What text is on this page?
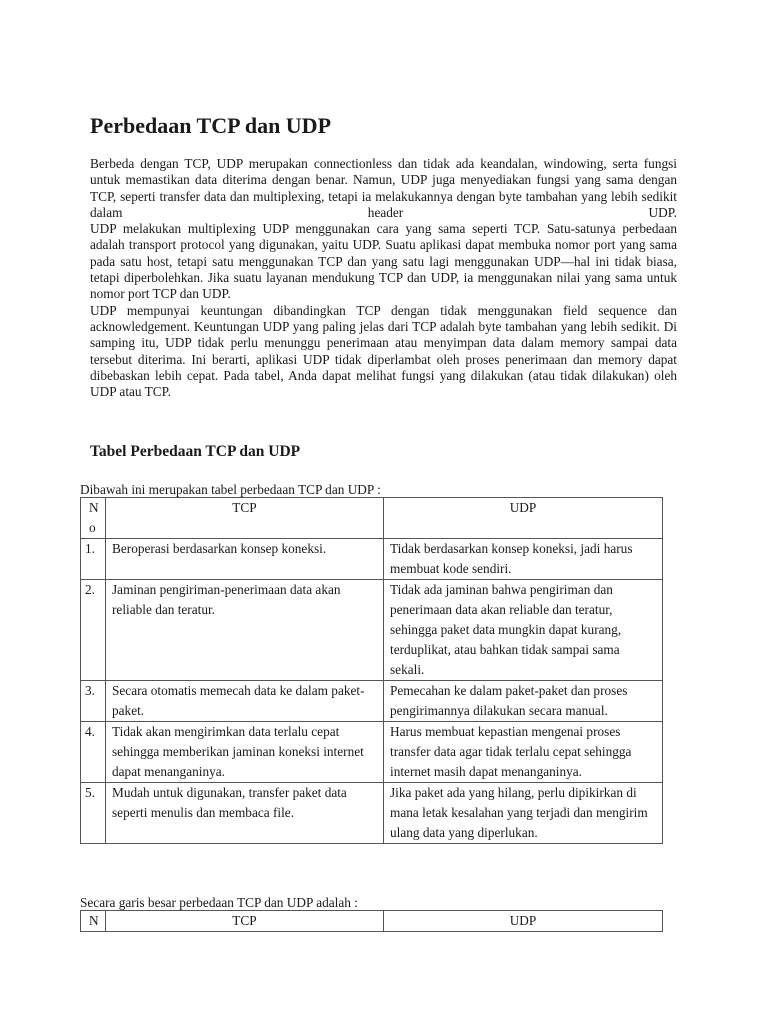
Perbedaan TCP dan UDP

Berbeda dengan TCP, UDP merupakan connectionless dan tidak ada keandalan, windowing, serta fungsi untuk memastikan data diterima dengan benar. Namun, UDP juga menyediakan fungsi yang sama dengan TCP, seperti transfer data dan multiplexing, tetapi ia melakukannya dengan byte tambahan yang lebih sedikit dalam header UDP.

UDP melakukan multiplexing UDP menggunakan cara yang sama seperti TCP. Satu-satunya perbedaan adalah transport protocol yang digunakan, yaitu UDP. Suatu aplikasi dapat membuka nomor port yang sama pada satu host, tetapi satu menggunakan TCP dan yang satu lagi menggunakan UDP—hal ini tidak biasa, tetapi diperbolehkan. Jika suatu layanan mendukung TCP dan UDP, ia menggunakan nilai yang sama untuk nomor port TCP dan UDP.

UDP mempunyai keuntungan dibandingkan TCP dengan tidak menggunakan field sequence dan acknowledgement. Keuntungan UDP yang paling jelas dari TCP adalah byte tambahan yang lebih sedikit. Di samping itu, UDP tidak perlu menunggu penerimaan atau menyimpan data dalam memory sampai data tersebut diterima. Ini berarti, aplikasi UDP tidak diperlambat oleh proses penerimaan dan memory dapat dibebaskan lebih cepat. Pada tabel, Anda dapat melihat fungsi yang dilakukan (atau tidak dilakukan) oleh UDP atau TCP.

Tabel Perbedaan TCP dan UDP

Dibawah ini merupakan tabel perbedaan TCP dan UDP :

No	TCP	UDP
1.	Beroperasi berdasarkan konsep koneksi.	Tidak berdasarkan konsep koneksi, jadi harus membuat kode sendiri.
2.	Jaminan pengiriman-penerimaan data akan reliable dan teratur.	Tidak ada jaminan bahwa pengiriman dan penerimaan data akan reliable dan teratur, sehingga paket data mungkin dapat kurang, terduplikat, atau bahkan tidak sampai sama sekali.
3.	Secara otomatis memecah data ke dalam paket-paket.	Pemecahan ke dalam paket-paket dan proses pengirimannya dilakukan secara manual.
4.	Tidak akan mengirimkan data terlalu cepat sehingga memberikan jaminan koneksi internet dapat menanganinya.	Harus membuat kepastian mengenai proses transfer data agar tidak terlalu cepat sehingga internet masih dapat menanganinya.
5.	Mudah untuk digunakan, transfer paket data seperti menulis dan membaca file.	Jika paket ada yang hilang, perlu dipikirkan di mana letak kesalahan yang terjadi dan mengirim ulang data yang diperlukan.

Secara garis besar perbedaan TCP dan UDP adalah :

N	TCP	UDP
